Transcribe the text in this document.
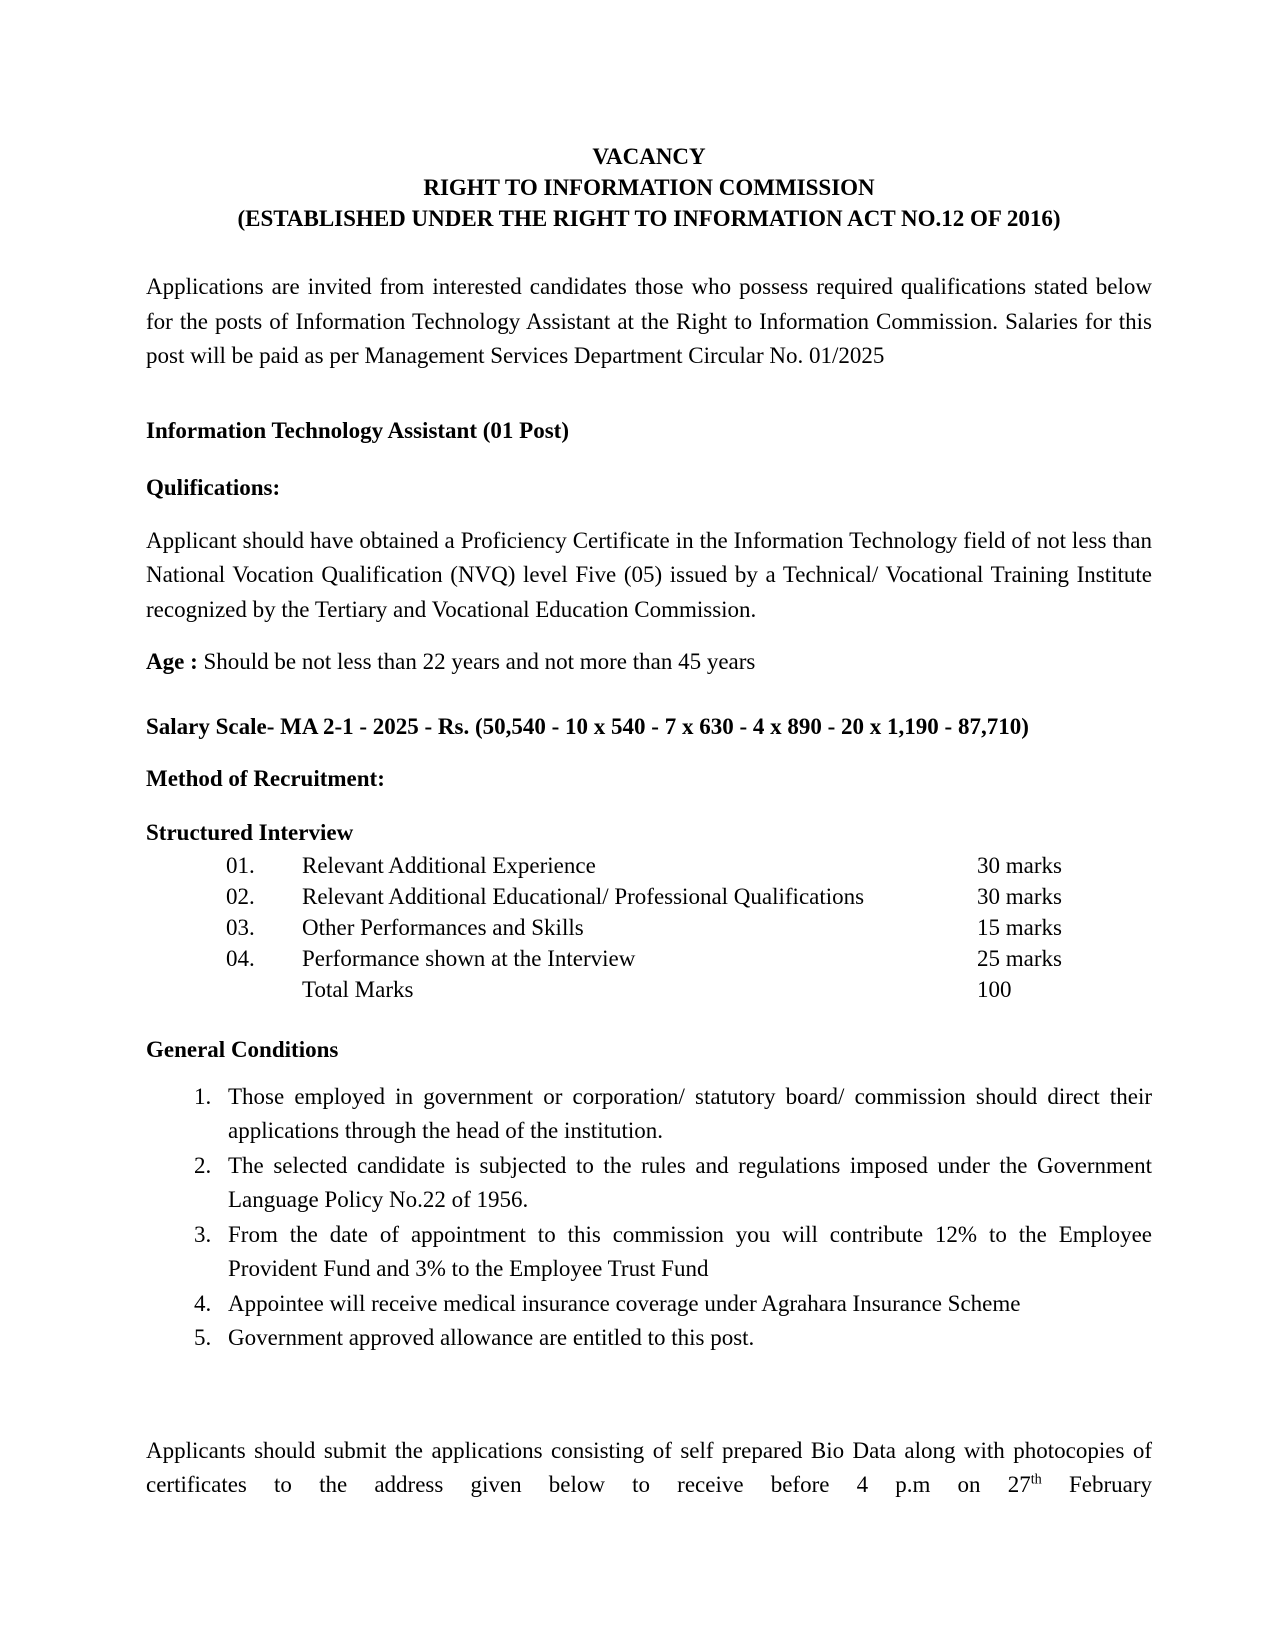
VACANCY
RIGHT TO INFORMATION COMMISSION
(ESTABLISHED UNDER THE RIGHT TO INFORMATION ACT NO.12 OF 2016)

Applications are invited from interested candidates those who possess required qualifications stated below for the posts of Information Technology Assistant at the Right to Information Commission. Salaries for this post will be paid as per Management Services Department Circular No. 01/2025

Information Technology Assistant (01 Post)

Qulifications:

Applicant should have obtained a Proficiency Certificate in the Information Technology field of not less than National Vocation Qualification (NVQ) level Five (05) issued by a Technical/ Vocational Training Institute recognized by the Tertiary and Vocational Education Commission.

Age : Should be not less than 22 years and not more than 45 years

Salary Scale- MA 2-1 - 2025 - Rs. (50,540 - 10 x 540 - 7 x 630 - 4 x 890 - 20 x 1,190 - 87,710)

Method of Recruitment:

Structured Interview

01.	Relevant Additional Experience	30 marks
02.	Relevant Additional Educational/ Professional Qualifications	30 marks
03.	Other Performances and Skills	15 marks
04.	Performance shown at the Interview	25 marks
Total Marks	100

General Conditions

1. Those employed in government or corporation/ statutory board/ commission should direct their applications through the head of the institution.
2. The selected candidate is subjected to the rules and regulations imposed under the Government Language Policy No.22 of 1956.
3. From the date of appointment to this commission you will contribute 12% to the Employee Provident Fund and 3% to the Employee Trust Fund
4. Appointee will receive medical insurance coverage under Agrahara Insurance Scheme
5. Government approved allowance are entitled to this post.

Applicants should submit the applications consisting of self prepared Bio Data along with photocopies of certificates to the address given below to receive before 4 p.m on 27th February
